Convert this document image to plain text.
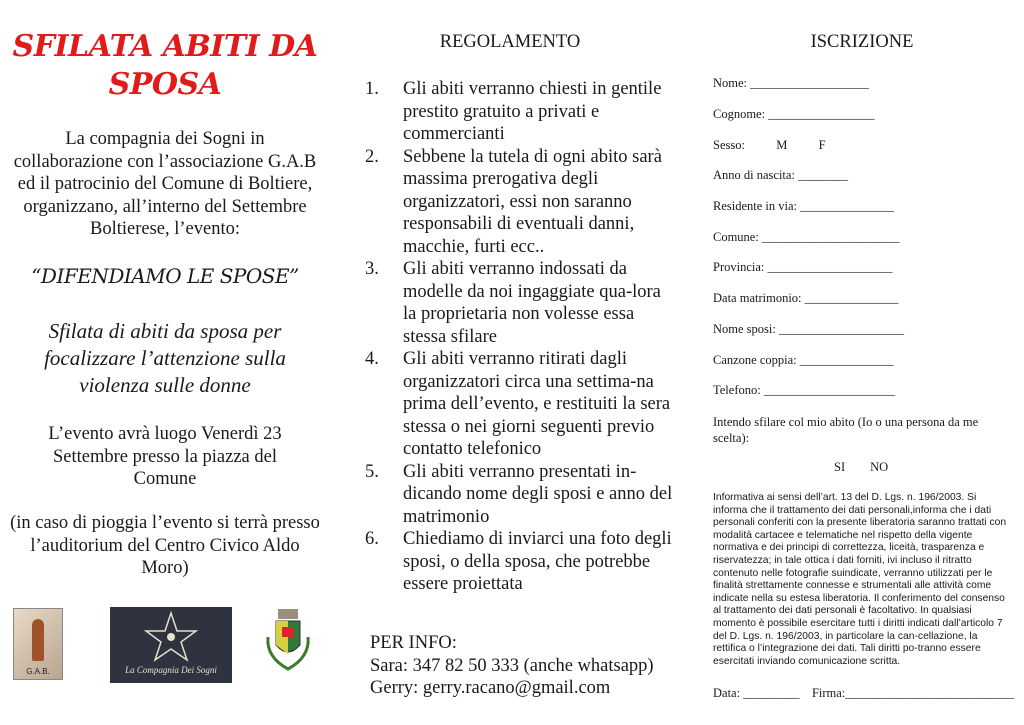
SFILATA ABITI DA
SPOSA
La compagnia dei Sogni in collaborazione con l’associazione G.A.B ed il patrocinio del Comune di Boltiere, organizzano, all’interno del Settembre Boltierese, l’evento:
“DIFENDIAMO LE SPOSE”
Sfilata di abiti da sposa per focalizzare l’attenzione sulla violenza sulle donne
L’evento avrà luogo Venerdì 23 Settembre presso la piazza del Comune
(in caso di pioggia l’evento si terrà presso l’auditorium del Centro Civico Aldo Moro)
G.A.B.	La Compagnia Dei Sogni
REGOLAMENTO
1. Gli abiti verranno chiesti in gentile prestito gratuito a privati e commercianti
2. Sebbene la tutela di ogni abito sarà massima prerogativa degli organizzatori, essi non saranno responsabili di eventuali danni, macchie, furti ecc..
3. Gli abiti verranno indossati da modelle da noi ingaggiate qua-lora la proprietaria non volesse essa stessa sfilare
4. Gli abiti verranno ritirati dagli organizzatori circa una settima-na prima dell’evento, e restituiti la sera stessa o nei giorni seguenti previo contatto telefonico
5. Gli abiti verranno presentati in-dicando nome degli sposi e anno del matrimonio
6. Chiediamo di inviarci una foto degli sposi, o della sposa, che potrebbe essere proiettata
PER INFO:
Sara: 347 82 50 333 (anche whatsapp)
Gerry: gerry.racano@gmail.com
ISCRIZIONE
Nome: ___________________
Cognome: _________________
Sesso:          M          F
Anno di nascita: ________
Residente in via: _______________
Comune: ______________________
Provincia: ____________________
Data matrimonio: _______________
Nome sposi: ____________________
Canzone coppia: _______________
Telefono: _____________________
Intendo sfilare col mio abito (Io o una persona da me scelta):
SI        NO
Informativa ai sensi dell’art. 13 del D. Lgs. n. 196/2003. Si informa che il trattamento dei dati personali,informa che i dati personali conferiti con la presente liberatoria saranno trattati con modalità cartacee e telematiche nel rispetto della vigente normativa e dei principi di correttezza, liceità, trasparenza e riservatezza; in tale ottica i dati forniti, ivi incluso il ritratto contenuto nelle fotografie suindicate, verranno utilizzati per le finalità strettamente connesse e strumentali alle attività come indicate nella su estesa liberatoria. Il conferimento del consenso al trattamento dei dati personali è facoltativo. In qualsiasi momento è possibile esercitare tutti i diritti indicati dall’articolo 7 del D. Lgs. n. 196/2003, in particolare la can-cellazione, la rettifica o l’integrazione dei dati. Tali diritti po-tranno essere esercitati inviando comunicazione scritta.
Data: _________    Firma:___________________________
